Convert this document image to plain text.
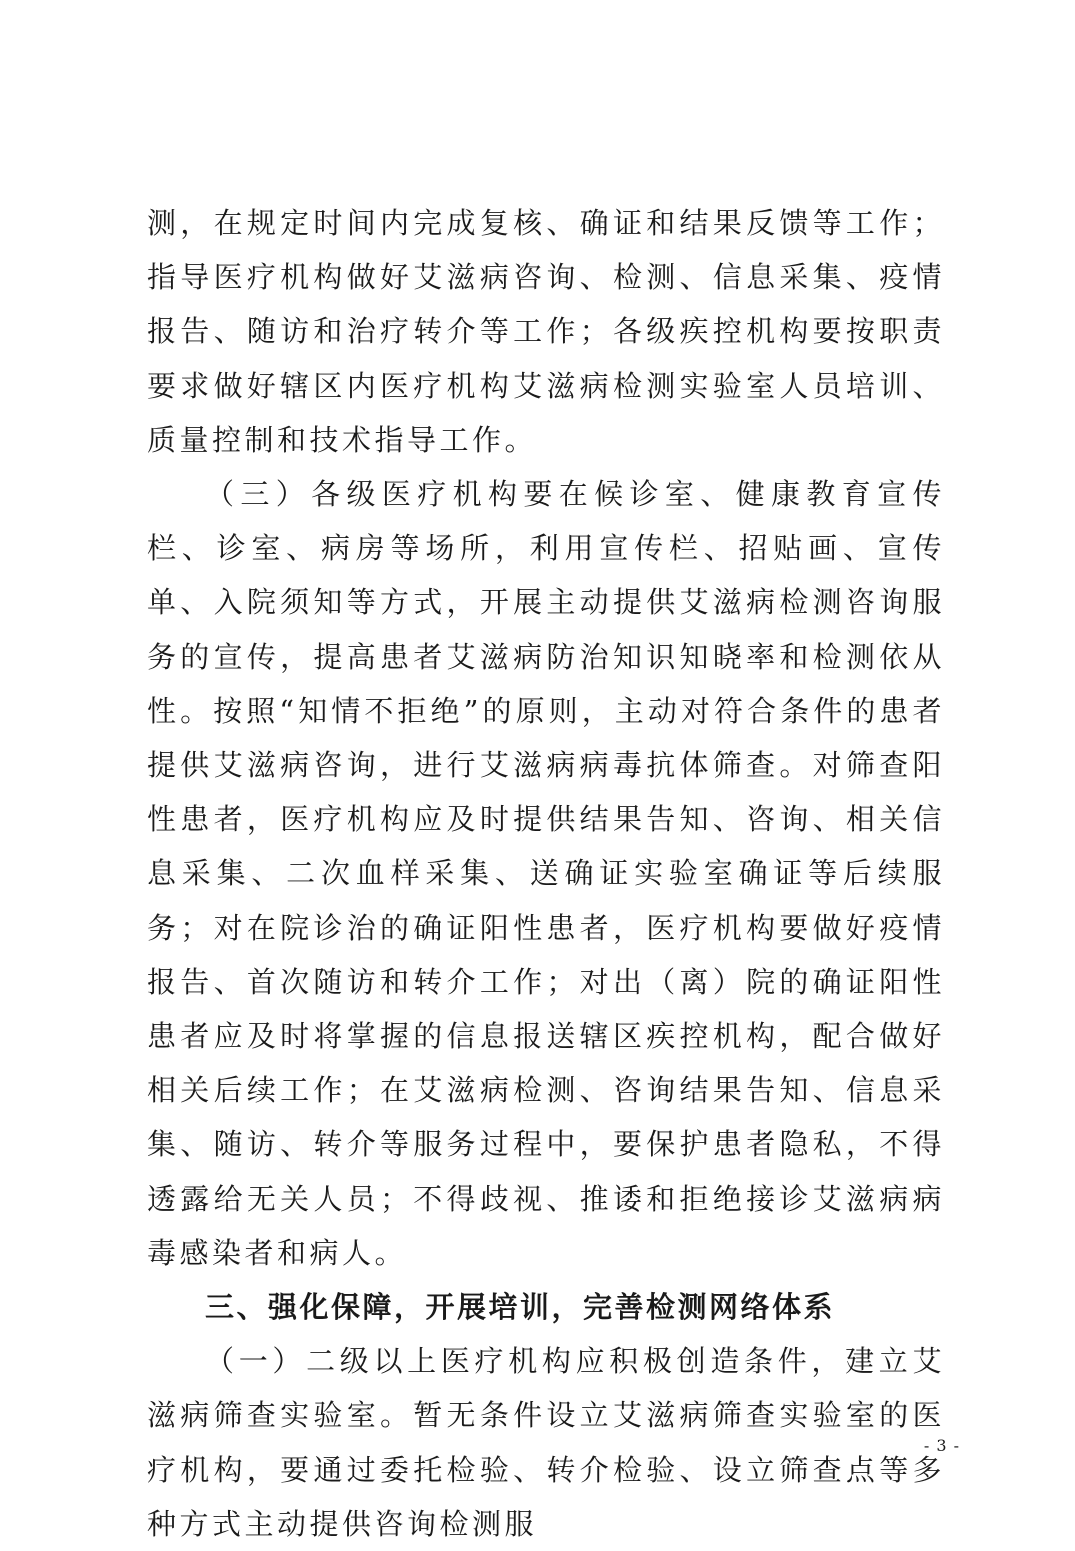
测，在规定时间内完成复核、确证和结果反馈等工作；指导医疗机构做好艾滋病咨询、检测、信息采集、疫情报告、随访和治疗转介等工作；各级疾控机构要按职责要求做好辖区内医疗机构艾滋病检测实验室人员培训、质量控制和技术指导工作。

（三）各级医疗机构要在候诊室、健康教育宣传栏、诊室、病房等场所，利用宣传栏、招贴画、宣传单、入院须知等方式，开展主动提供艾滋病检测咨询服务的宣传，提高患者艾滋病防治知识知晓率和检测依从性。按照“知情不拒绝”的原则，主动对符合条件的患者提供艾滋病咨询，进行艾滋病病毒抗体筛查。对筛查阳性患者，医疗机构应及时提供结果告知、咨询、相关信息采集、二次血样采集、送确证实验室确证等后续服务；对在院诊治的确证阳性患者，医疗机构要做好疫情报告、首次随访和转介工作；对出（离）院的确证阳性患者应及时将掌握的信息报送辖区疾控机构，配合做好相关后续工作；在艾滋病检测、咨询结果告知、信息采集、随访、转介等服务过程中，要保护患者隐私，不得透露给无关人员；不得歧视、推诿和拒绝接诊艾滋病病毒感染者和病人。

三、强化保障，开展培训，完善检测网络体系

（一）二级以上医疗机构应积极创造条件，建立艾滋病筛查实验室。暂无条件设立艾滋病筛查实验室的医疗机构，要通过委托检验、转介检验、设立筛查点等多种方式主动提供咨询检测服

- 3 -
